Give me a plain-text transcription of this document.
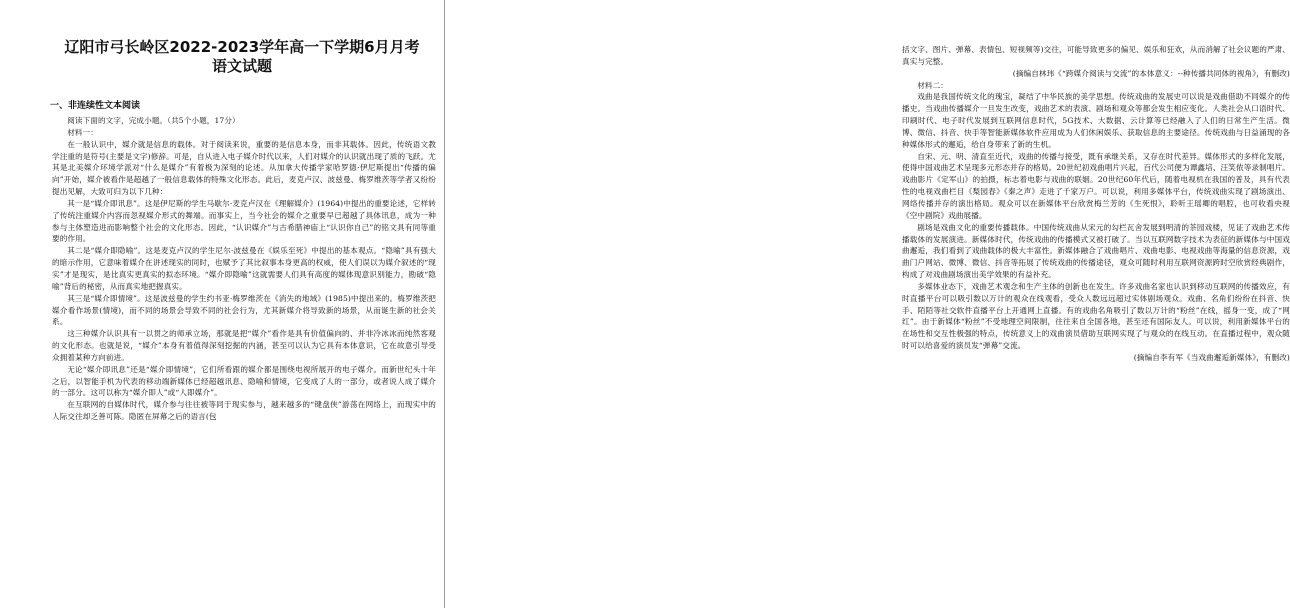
辽阳市弓长岭区2022-2023学年高一下学期6月月考
语文试题
一、非连续性文本阅读

阅读下面的文字，完成小题。（共5个小题，17分）

材料一：

在一般认识中，媒介就是信息的载体。对于阅读来说，重要的是信息本身，而非其载体。因此，传统语文教学注重的是符号(主要是文字)修辞。可是，自从进入电子媒介时代以来，人们对媒介的认识就出现了质的飞跃。尤其是北美媒介环境学派对“什么是媒介”有着极为深刻的论述。从加拿大传播学家哈罗德·伊尼斯提出“传播的偏向”开始，媒介被看作是超越了一般信息载体的特殊文化形态。此后，麦克卢汉、波兹曼、梅罗维茨等学者又纷纷提出见解，大致可归为以下几种：

其一是“媒介即讯息”。这是伊尼斯的学生马歇尔·麦克卢汉在《理解媒介》(1964)中提出的重要论述，它样转了传统注重媒介内容而忽视媒介形式的舞端。而事实上，当今社会的媒介之重要早已超越了具体讯息，成为一种参与主体塑造进而影响整个社会的文化形态。因此，“认识媒介”与古希腊神庙上“认识你自己”的铭文具有同等重要的作用。

其二是“媒介即隐喻”。这是麦克卢汉的学生尼尔·波兹曼在《娱乐至死》中提出的基本观点。“隐喻”具有强大的暗示作用，它意味着媒介在讲述现实的同时，也赋予了其比叙事本身更高的权威，使人们误以为媒介叙述的“现实”才是现实，是比真实更真实的拟态环境。“媒介即隐喻”这就需要人们具有高度的媒体现意识别能力，勘破“隐喻”背后的秘密，从而真实地把握真实。

其三是“媒介即情境”。这是波兹曼的学生约书亚·梅罗维茨在《消失的地域》(1985)中提出来的。梅罗维茨把媒介看作场景(情境)，而不同的场景会导致不同的社会行为，尤其新媒介将导致新的场景，从而诞生新的社会关系。

这三种媒介认识具有一以贯之的师承立场，那就是把“媒介”看作是具有价值偏向的、并非冷冰冰而纯然客观的文化形态。也就是说，“媒介”本身有着值得深刻挖掘的内涵，甚至可以认为它具有本体意识，它在故意引导受众拥着某种方向前进。

无论“媒介即讯息”还是“媒介即情境”，它们所看跟的媒介都是围绕电视所展开的电子媒介。而新世纪头十年之后，以智能手机为代表的移动端新媒体已经超越讯息、隐喻和情境，它变成了人的一部分，或者说人成了媒介的一部分。这可以称为“媒介即人”或“人即媒介”。

在互联网的自媒体时代，媒介参与往往被等同于现实参与，越来越多的“键盘侠”游荡在网络上，而现实中的人际交往却乏善可陈。隐匿在屏幕之后的语言(包

括文字、图片、弹幕、表情包、短视频等)交往，可能导致更多的偏见、娱乐和狂欢，从而消解了社会议题的严肃、真实与完整。

(摘编自林玮《“跨媒介阅读与交流”的本体意义：--种传播共同体的视角》，有删改)

材料二：

戏曲是我国传统文化的瑰宝，凝结了中华民族的美学思想。传统戏曲的发展史可以说是戏曲借助不同媒介的传播史。当戏曲传播媒介一旦发生改变，戏曲艺术的表演、剧场和观众等都会发生相应变化。人类社会从口语时代、印刷时代、电子时代发展到互联网信息时代，5G技术、大数据、云计算等已经融入了人们的日常生产生活。微博、微信、抖音、快手等智能新媒体软件应用成为人们休闲娱乐、获取信息的主要途径。传统戏曲与日益涌现的各种媒体形式的邂逅，给自身带来了新的生机。

自宋、元、明、清直至近代，戏曲的传播与接受，既有承继关系，又存在时代差异。媒体形式的多样化发展，使得中国戏曲艺术呈现多元形态并存的格局。20世纪初戏曲唱片兴起，百代公司便为谭鑫培、汪笑侬等录制唱片。戏曲影片《定军山》的拍摄，标志着电影与戏曲的联姻。20世纪60年代后，随着电视机在我国的普及，具有代表性的电视戏曲栏目《梨园春》《秦之声》走进了千家万户。可以说，利用多媒体平台，传统戏曲实现了剧场演出、网络传播并存的演出格局。观众可以在新媒体平台欣赏梅兰芳的《生死恨》，聆听王瑶卿的唱腔，也可收看央视《空中剧院》戏曲展播。

剧场是戏曲文化的重要传播载体。中国传统戏曲从宋元的勾栏瓦舍发展到明清的茶园戏楼，见证了戏曲艺术传播载体的发展演进。新媒体时代，传统戏曲的传播模式又被打破了。当以互联网数字技术为表征的新媒体与中国戏曲邂逅，我们看到了戏曲载体的极大丰富性。新媒体融合了戏曲唱片、戏曲电影、电视戏曲等海量的信息资源，戏曲门户网站、微博、微信、抖音等拓展了传统戏曲的传播途径，观众可随时利用互联网资源跨时空欣赏经典剧作，构成了对戏曲剧场演出美学效果的有益补充。

多媒体业态下，戏曲艺术观念和生产主体的创新也在发生。许多戏曲名家也认识到移动互联网的传播效应，有时直播平台可以吸引数以万计的观众在线观看，受众人数远远超过实体剧场观众。戏曲、名角们纷纷在抖音、快手、陌陌等社交软件直播平台上开通网上直播。有的戏曲名角吸引了数以万计的“粉丝”在线，摇身一变，成了“网红”。由于新媒体“粉丝”不受地理空间限制，往往来自全国各地，甚至还有国际友人。可以说，利用新媒体平台的在场性和交互性极强的特点，传统意义上的戏曲演员借助互联网实现了与观众的在线互动。在直播过程中，观众随时可以给喜爱的演员发“弹幕”交流。

(摘编自李有军《当戏曲邂逅新媒体》，有删改)
